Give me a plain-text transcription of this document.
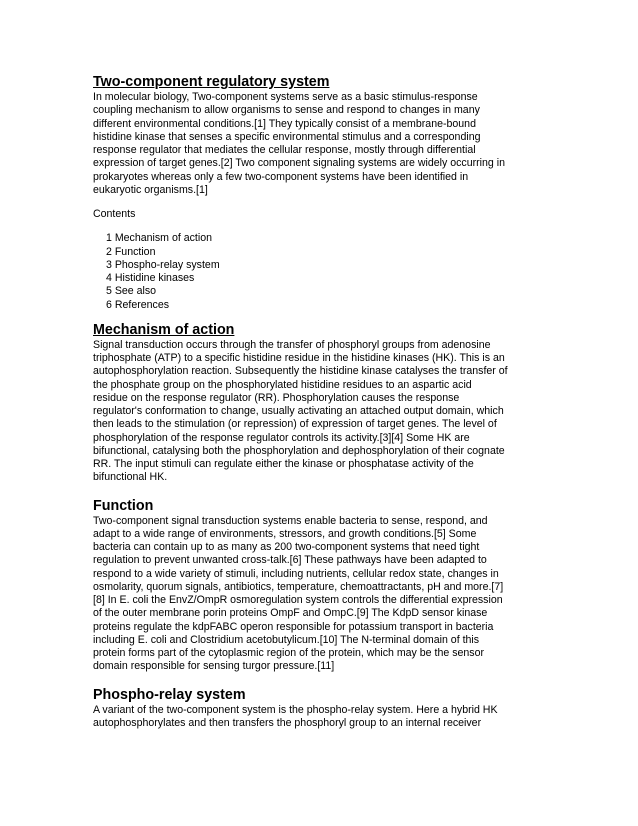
Two-component regulatory system

In molecular biology, Two-component systems serve as a basic stimulus-response
coupling mechanism to allow organisms to sense and respond to changes in many
different environmental conditions.[1] They typically consist of a membrane-bound
histidine kinase that senses a specific environmental stimulus and a corresponding
response regulator that mediates the cellular response, mostly through differential
expression of target genes.[2] Two component signaling systems are widely occurring in
prokaryotes whereas only a few two-component systems have been identified in
eukaryotic organisms.[1]

Contents

1 Mechanism of action
2 Function
3 Phospho-relay system
4 Histidine kinases
5 See also
6 References
Mechanism of action

Signal transduction occurs through the transfer of phosphoryl groups from adenosine
triphosphate (ATP) to a specific histidine residue in the histidine kinases (HK). This is an
autophosphorylation reaction. Subsequently the histidine kinase catalyses the transfer of
the phosphate group on the phosphorylated histidine residues to an aspartic acid
residue on the response regulator (RR). Phosphorylation causes the response
regulator's conformation to change, usually activating an attached output domain, which
then leads to the stimulation (or repression) of expression of target genes. The level of
phosphorylation of the response regulator controls its activity.[3][4] Some HK are
bifunctional, catalysing both the phosphorylation and dephosphorylation of their cognate
RR. The input stimuli can regulate either the kinase or phosphatase activity of the
bifunctional HK.

Function

Two-component signal transduction systems enable bacteria to sense, respond, and
adapt to a wide range of environments, stressors, and growth conditions.[5] Some
bacteria can contain up to as many as 200 two-component systems that need tight
regulation to prevent unwanted cross-talk.[6] These pathways have been adapted to
respond to a wide variety of stimuli, including nutrients, cellular redox state, changes in
osmolarity, quorum signals, antibiotics, temperature, chemoattractants, pH and more.[7]
[8] In E. coli the EnvZ/OmpR osmoregulation system controls the differential expression
of the outer membrane porin proteins OmpF and OmpC.[9] The KdpD sensor kinase
proteins regulate the kdpFABC operon responsible for potassium transport in bacteria
including E. coli and Clostridium acetobutylicum.[10] The N-terminal domain of this
protein forms part of the cytoplasmic region of the protein, which may be the sensor
domain responsible for sensing turgor pressure.[11]

Phospho-relay system

A variant of the two-component system is the phospho-relay system. Here a hybrid HK
autophosphorylates and then transfers the phosphoryl group to an internal receiver
